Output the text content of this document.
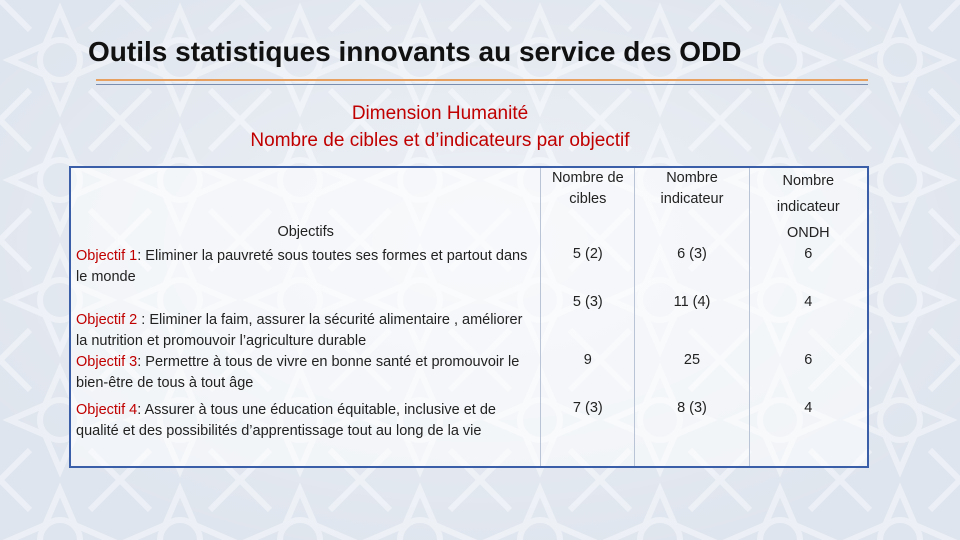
Outils statistiques innovants au service des ODD
Dimension Humanité
Nombre de cibles et d’indicateurs par objectif
Objectifs	Nombre de cibles	Nombre indicateur	Nombre indicateur ONDH
Objectif 1: Eliminer la pauvreté sous toutes ses formes et partout dans le monde	5 (2)	6 (3)	6
Objectif 2 : Eliminer la faim, assurer la sécurité alimentaire , améliorer la nutrition et promouvoir l’agriculture durable	5 (3)	11 (4)	4
Objectif 3: Permettre à tous de vivre en bonne santé et promouvoir le bien-être de tous à tout âge	9	25	6
Objectif 4: Assurer à tous une éducation équitable, inclusive et de qualité et des possibilités d’apprentissage tout au long de la vie	7 (3)	8 (3)	4
